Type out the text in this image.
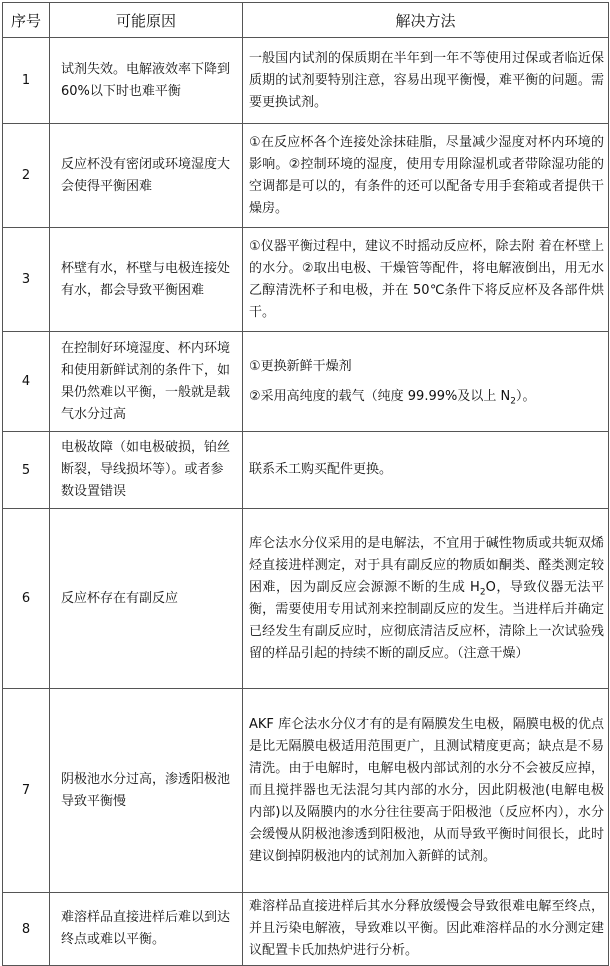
序号	可能原因	解决方法
1	试剂失效。电解液效率下降到 60%以下时也难平衡	一般国内试剂的保质期在半年到一年不等使用过保或者临近保质期的试剂要特别注意，容易出现平衡慢，难平衡的问题。需要更换试剂。
2	反应杯没有密闭或环境湿度大会使得平衡困难	①在反应杯各个连接处涂抹硅脂，尽量减少湿度对杯内环境的影响。②控制环境的湿度，使用专用除湿机或者带除湿功能的空调都是可以的，有条件的还可以配备专用手套箱或者提供干燥房。
3	杯壁有水，杯壁与电极连接处有水，都会导致平衡困难	①仪器平衡过程中，建议不时摇动反应杯，除去附 着在杯壁上的水分。②取出电极、干燥管等配件，将电解液倒出，用无水乙醇清洗杯子和电极，并在 50℃条件下将反应杯及各部件烘干。
4	在控制好环境湿度、杯内环境和使用新鲜试剂的条件下，如果仍然难以平衡，一般就是载气水分过高	①更换新鲜干燥剂
②采用高纯度的载气（纯度 99.99%及以上 $N_2$）。

5	电极故障（如电极破损，铂丝断裂，导线损坏等）。或者参数设置错误	联系禾工购买配件更换。
6	反应杯存在有副反应	库仑法水分仪采用的是电解法，不宜用于碱性物质或共轭双烯烃直接进样测定，对于具有副反应的物质如酮类、醛类测定较困难，因为副反应会源源不断的生成 $H_2O$，导致仪器无法平衡，需要使用专用试剂来控制副反应的发生。当进样后并确定已经发生有副反应时，应彻底清洁反应杯，清除上一次试验残留的样品引起的持续不断的副反应。（注意干燥）
7	阴极池水分过高，渗透阳极池导致平衡慢	AKF 库仑法水分仪才有的是有隔膜发生电极，隔膜电极的优点是比无隔膜电极适用范围更广，且测试精度更高；缺点是不易清洗。由于电解时，电解电极内部试剂的水分不会被反应掉，而且搅拌器也无法混匀其内部的水分，因此阴极池(电解电极内部)以及隔膜内的水分往往要高于阳极池（反应杯内），水分会缓慢从阴极池渗透到阳极池，从而导致平衡时间很长，此时建议倒掉阴极池内的试剂加入新鲜的试剂。
8	难溶样品直接进样后难以到达终点或难以平衡。	难溶样品直接进样后其水分释放缓慢会导致很难电解至终点，并且污染电解液，导致难以平衡。因此难溶样品的水分测定建议配置卡氏加热炉进行分析。
